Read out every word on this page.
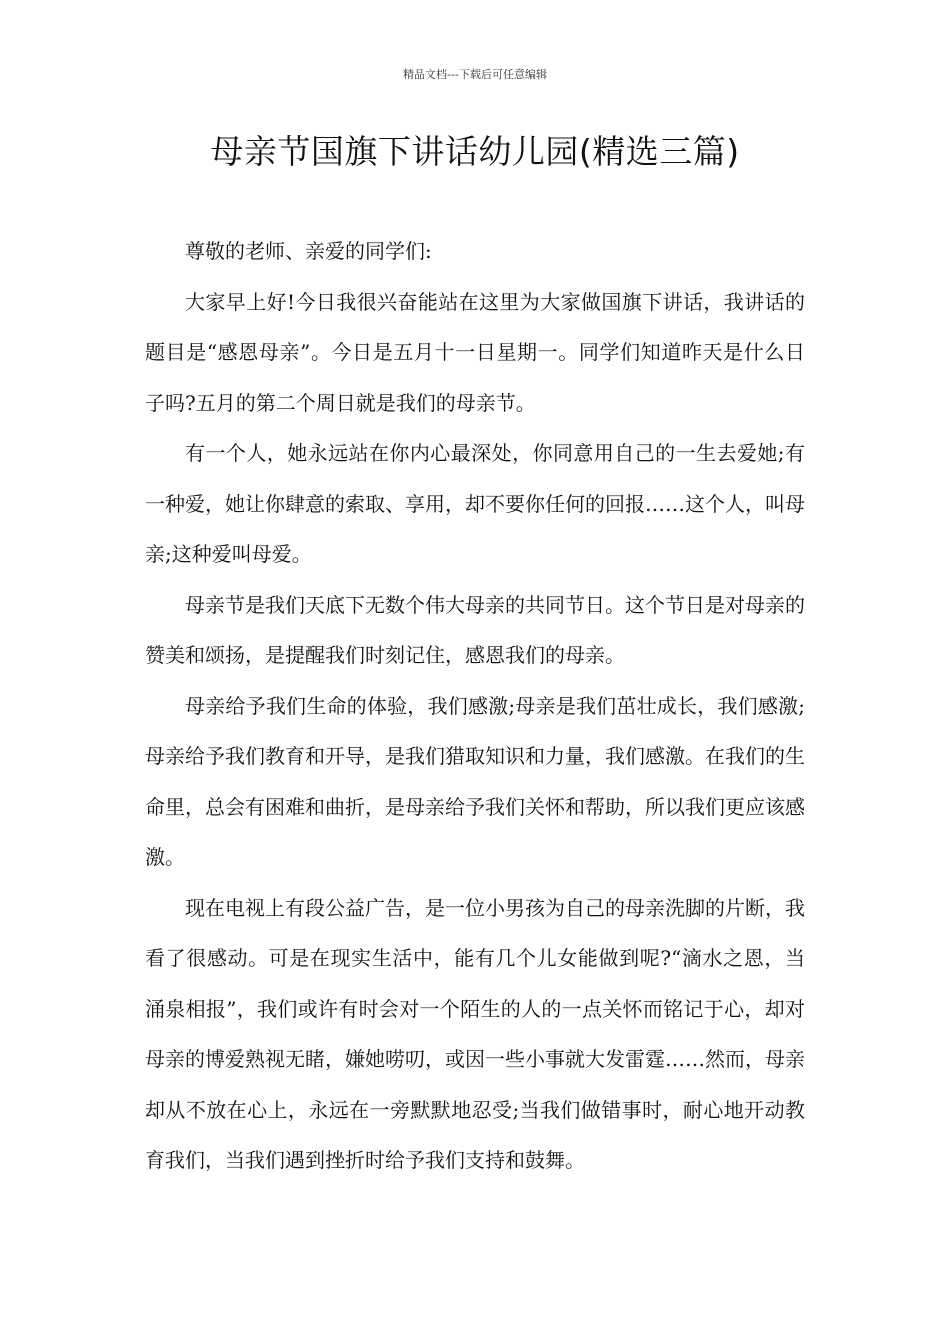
精品文档---下载后可任意编辑
母亲节国旗下讲话幼儿园(精选三篇)

尊敬的老师、亲爱的同学们:

大家早上好!今日我很兴奋能站在这里为大家做国旗下讲话，我讲话的题目是“感恩母亲”。今日是五月十一日星期一。同学们知道昨天是什么日子吗?五月的第二个周日就是我们的母亲节。

有一个人，她永远站在你内心最深处，你同意用自己的一生去爱她;有一种爱，她让你肆意的索取、享用，却不要你任何的回报……这个人，叫母亲;这种爱叫母爱。

母亲节是我们天底下无数个伟大母亲的共同节日。这个节日是对母亲的赞美和颂扬，是提醒我们时刻记住，感恩我们的母亲。

母亲给予我们生命的体验，我们感激;母亲是我们茁壮成长，我们感激;母亲给予我们教育和开导，是我们猎取知识和力量，我们感激。在我们的生命里，总会有困难和曲折，是母亲给予我们关怀和帮助，所以我们更应该感激。

现在电视上有段公益广告，是一位小男孩为自己的母亲洗脚的片断，我看了很感动。可是在现实生活中，能有几个儿女能做到呢?“滴水之恩，当涌泉相报”，我们或许有时会对一个陌生的人的一点关怀而铭记于心，却对母亲的博爱熟视无睹，嫌她唠叨，或因一些小事就大发雷霆……然而，母亲却从不放在心上，永远在一旁默默地忍受;当我们做错事时，耐心地开动教育我们，当我们遇到挫折时给予我们支持和鼓舞。
